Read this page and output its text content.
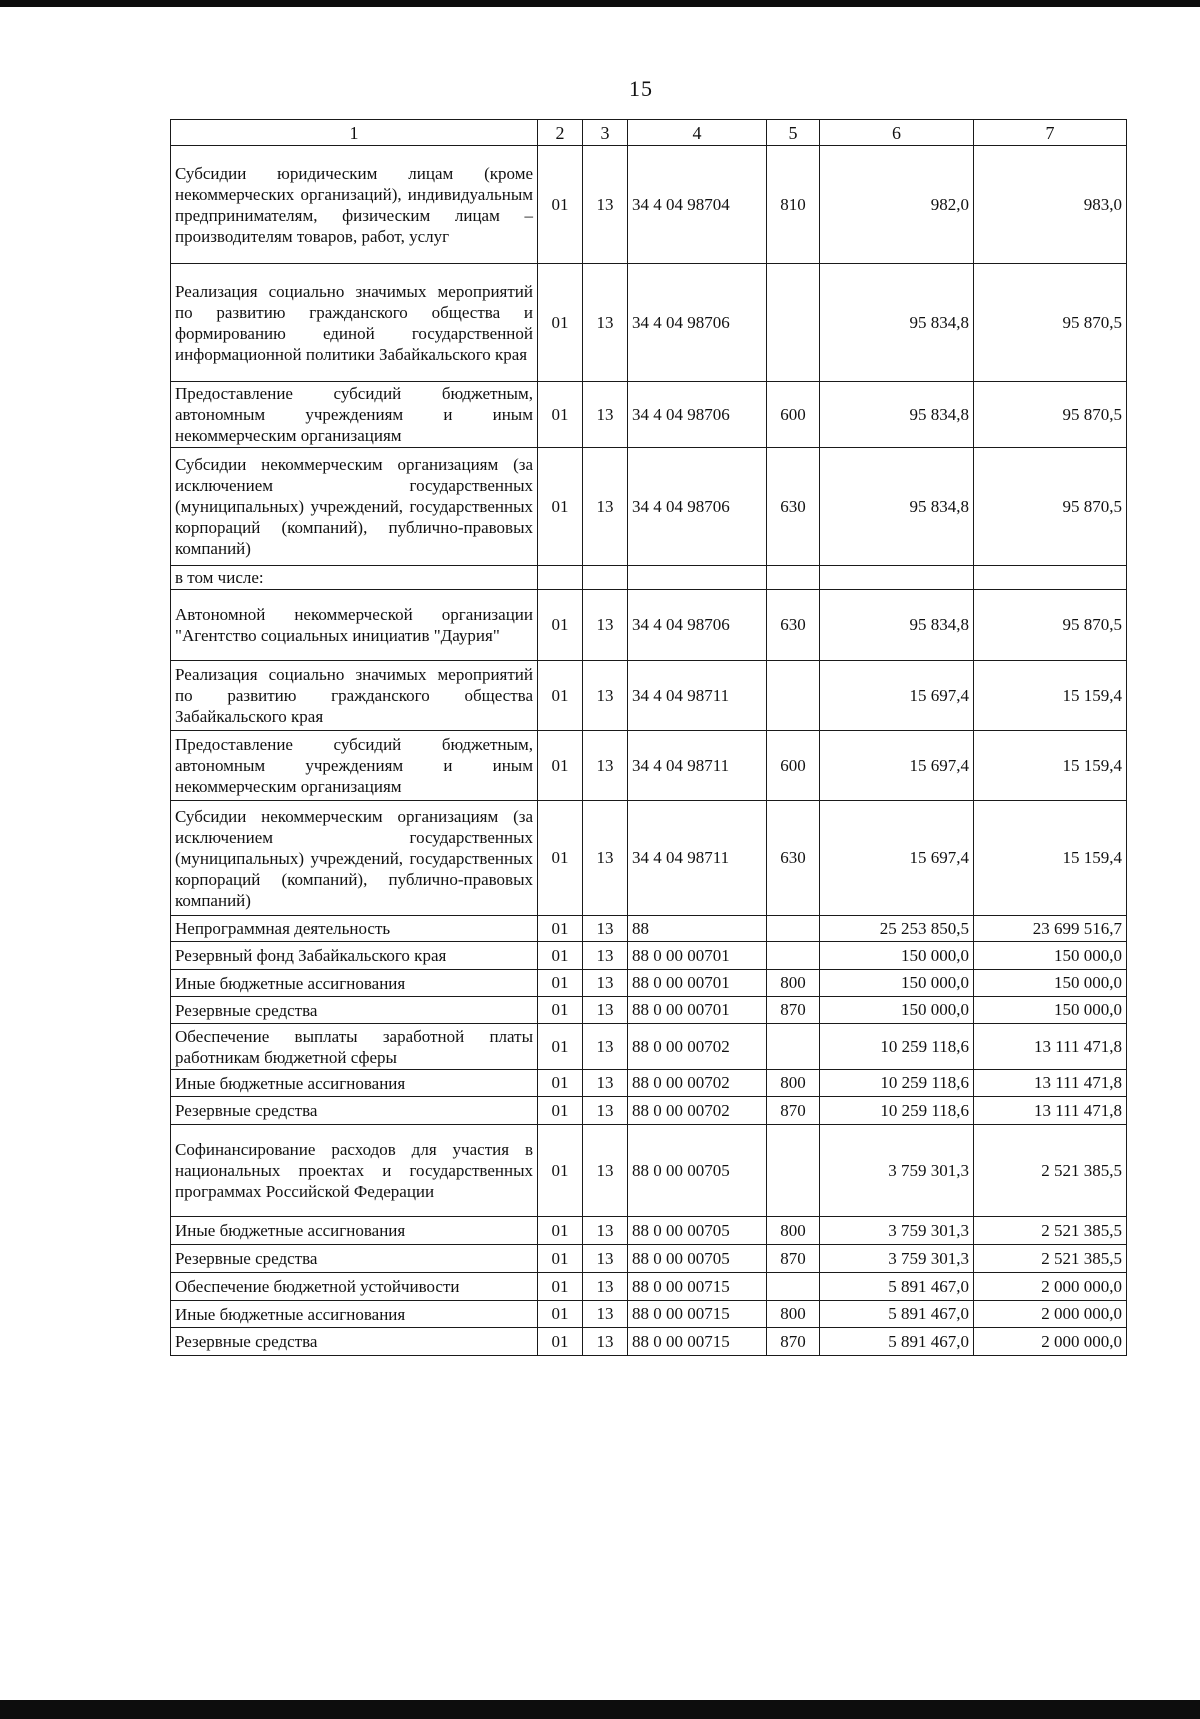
15
1	2	3	4	5	6	7
Субсидии юридическим лицам (кроме некоммерческих организаций), индивидуальным предпринимателям, физическим лицам – производителям товаров, работ, услуг	01	13	34 4 04 98704	810	982,0	983,0
Реализация социально значимых мероприятий по развитию гражданского общества и формированию единой государственной информационной политики Забайкальского края	01	13	34 4 04 98706		95 834,8	95 870,5
Предоставление субсидий бюджетным, автономным учреждениям и иным некоммерческим организациям	01	13	34 4 04 98706	600	95 834,8	95 870,5
Субсидии некоммерческим организациям (за исключением государственных (муниципальных) учреждений, государственных корпораций (компаний), публично-правовых компаний)	01	13	34 4 04 98706	630	95 834,8	95 870,5
в том числе:						
Автономной некоммерческой организации "Агентство социальных инициатив "Даурия"	01	13	34 4 04 98706	630	95 834,8	95 870,5
Реализация социально значимых мероприятий по развитию гражданского общества Забайкальского края	01	13	34 4 04 98711		15 697,4	15 159,4
Предоставление субсидий бюджетным, автономным учреждениям и иным некоммерческим организациям	01	13	34 4 04 98711	600	15 697,4	15 159,4
Субсидии некоммерческим организациям (за исключением государственных (муниципальных) учреждений, государственных корпораций (компаний), публично-правовых компаний)	01	13	34 4 04 98711	630	15 697,4	15 159,4
Непрограммная деятельность	01	13	88		25 253 850,5	23 699 516,7
Резервный фонд Забайкальского края	01	13	88 0 00 00701		150 000,0	150 000,0
Иные бюджетные ассигнования	01	13	88 0 00 00701	800	150 000,0	150 000,0
Резервные средства	01	13	88 0 00 00701	870	150 000,0	150 000,0
Обеспечение выплаты заработной платы работникам бюджетной сферы	01	13	88 0 00 00702		10 259 118,6	13 111 471,8
Иные бюджетные ассигнования	01	13	88 0 00 00702	800	10 259 118,6	13 111 471,8
Резервные средства	01	13	88 0 00 00702	870	10 259 118,6	13 111 471,8
Софинансирование расходов для участия в национальных проектах и государственных программах Российской Федерации	01	13	88 0 00 00705		3 759 301,3	2 521 385,5
Иные бюджетные ассигнования	01	13	88 0 00 00705	800	3 759 301,3	2 521 385,5
Резервные средства	01	13	88 0 00 00705	870	3 759 301,3	2 521 385,5
Обеспечение бюджетной устойчивости	01	13	88 0 00 00715		5 891 467,0	2 000 000,0
Иные бюджетные ассигнования	01	13	88 0 00 00715	800	5 891 467,0	2 000 000,0
Резервные средства	01	13	88 0 00 00715	870	5 891 467,0	2 000 000,0
